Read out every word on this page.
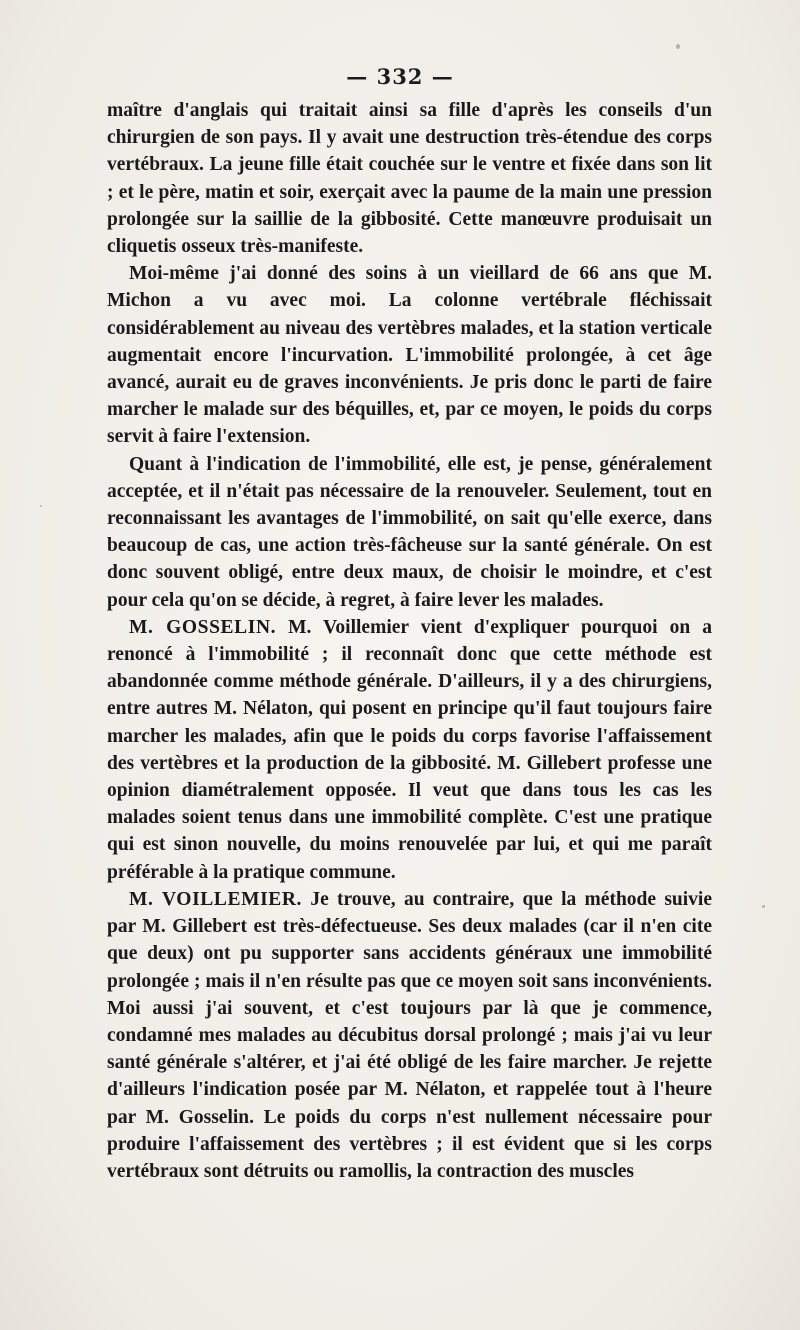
— 332 —

maître d'anglais qui traitait ainsi sa fille d'après les conseils d'un chirurgien de son pays. Il y avait une destruction très-étendue des corps vertébraux. La jeune fille était couchée sur le ventre et fixée dans son lit ; et le père, matin et soir, exerçait avec la paume de la main une pression prolongée sur la saillie de la gibbosité. Cette manœuvre produisait un cliquetis osseux très-manifeste.

Moi-même j'ai donné des soins à un vieillard de 66 ans que M. Michon a vu avec moi. La colonne vertébrale fléchissait considérablement au niveau des vertèbres malades, et la station verticale augmentait encore l'incurvation. L'immobilité prolongée, à cet âge avancé, aurait eu de graves inconvénients. Je pris donc le parti de faire marcher le malade sur des béquilles, et, par ce moyen, le poids du corps servit à faire l'extension.

Quant à l'indication de l'immobilité, elle est, je pense, généralement acceptée, et il n'était pas nécessaire de la renouveler. Seulement, tout en reconnaissant les avantages de l'immobilité, on sait qu'elle exerce, dans beaucoup de cas, une action très-fâcheuse sur la santé générale. On est donc souvent obligé, entre deux maux, de choisir le moindre, et c'est pour cela qu'on se décide, à regret, à faire lever les malades.

M. GOSSELIN. M. Voillemier vient d'expliquer pourquoi on a renoncé à l'immobilité ; il reconnaît donc que cette méthode est abandonnée comme méthode générale. D'ailleurs, il y a des chirurgiens, entre autres M. Nélaton, qui posent en principe qu'il faut toujours faire marcher les malades, afin que le poids du corps favorise l'affaissement des vertèbres et la production de la gibbosité. M. Gillebert professe une opinion diamétralement opposée. Il veut que dans tous les cas les malades soient tenus dans une immobilité complète. C'est une pratique qui est sinon nouvelle, du moins renouvelée par lui, et qui me paraît préférable à la pratique commune.

M. VOILLEMIER. Je trouve, au contraire, que la méthode suivie par M. Gillebert est très-défectueuse. Ses deux malades (car il n'en cite que deux) ont pu supporter sans accidents généraux une immobilité prolongée ; mais il n'en résulte pas que ce moyen soit sans inconvénients. Moi aussi j'ai souvent, et c'est toujours par là que je commence, condamné mes malades au décubitus dorsal prolongé ; mais j'ai vu leur santé générale s'altérer, et j'ai été obligé de les faire marcher. Je rejette d'ailleurs l'indication posée par M. Nélaton, et rappelée tout à l'heure par M. Gosselin. Le poids du corps n'est nullement nécessaire pour produire l'affaissement des vertèbres ; il est évident que si les corps vertébraux sont détruits ou ramollis, la contraction des muscles
